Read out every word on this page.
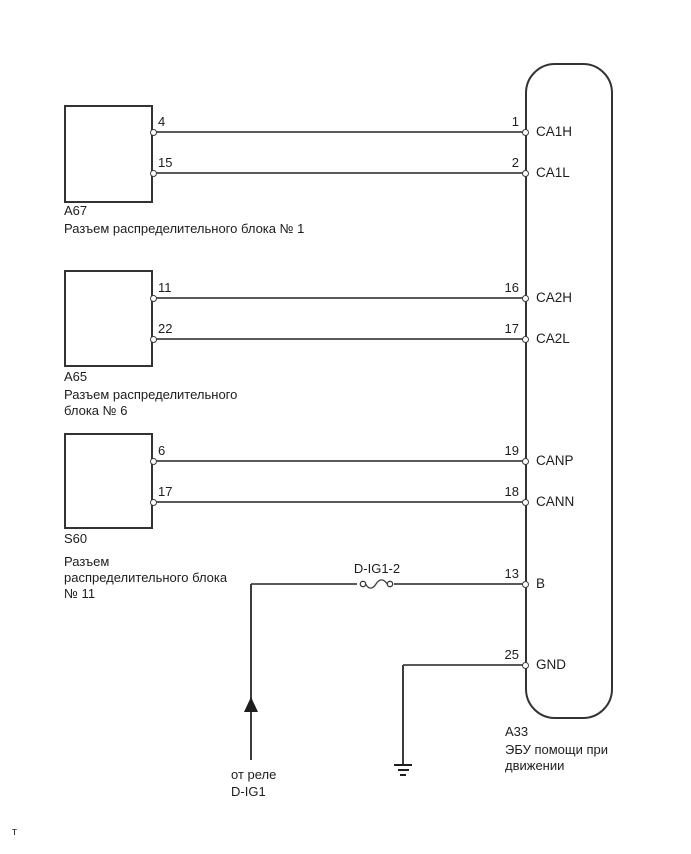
D-IG1-2
4
15
11
22
6
17
1
2
16
17
19
18
13
25
CA1H
CA1L
CA2H
CA2L
CANP
CANN
B
GND
A67
Разъем распределительного блока № 1
A65
Разъем распределительного
блока № 6
S60
Разъем
распределительного блока
№ 11
A33
ЭБУ помощи при
движении
от реле
D-IG1
т
